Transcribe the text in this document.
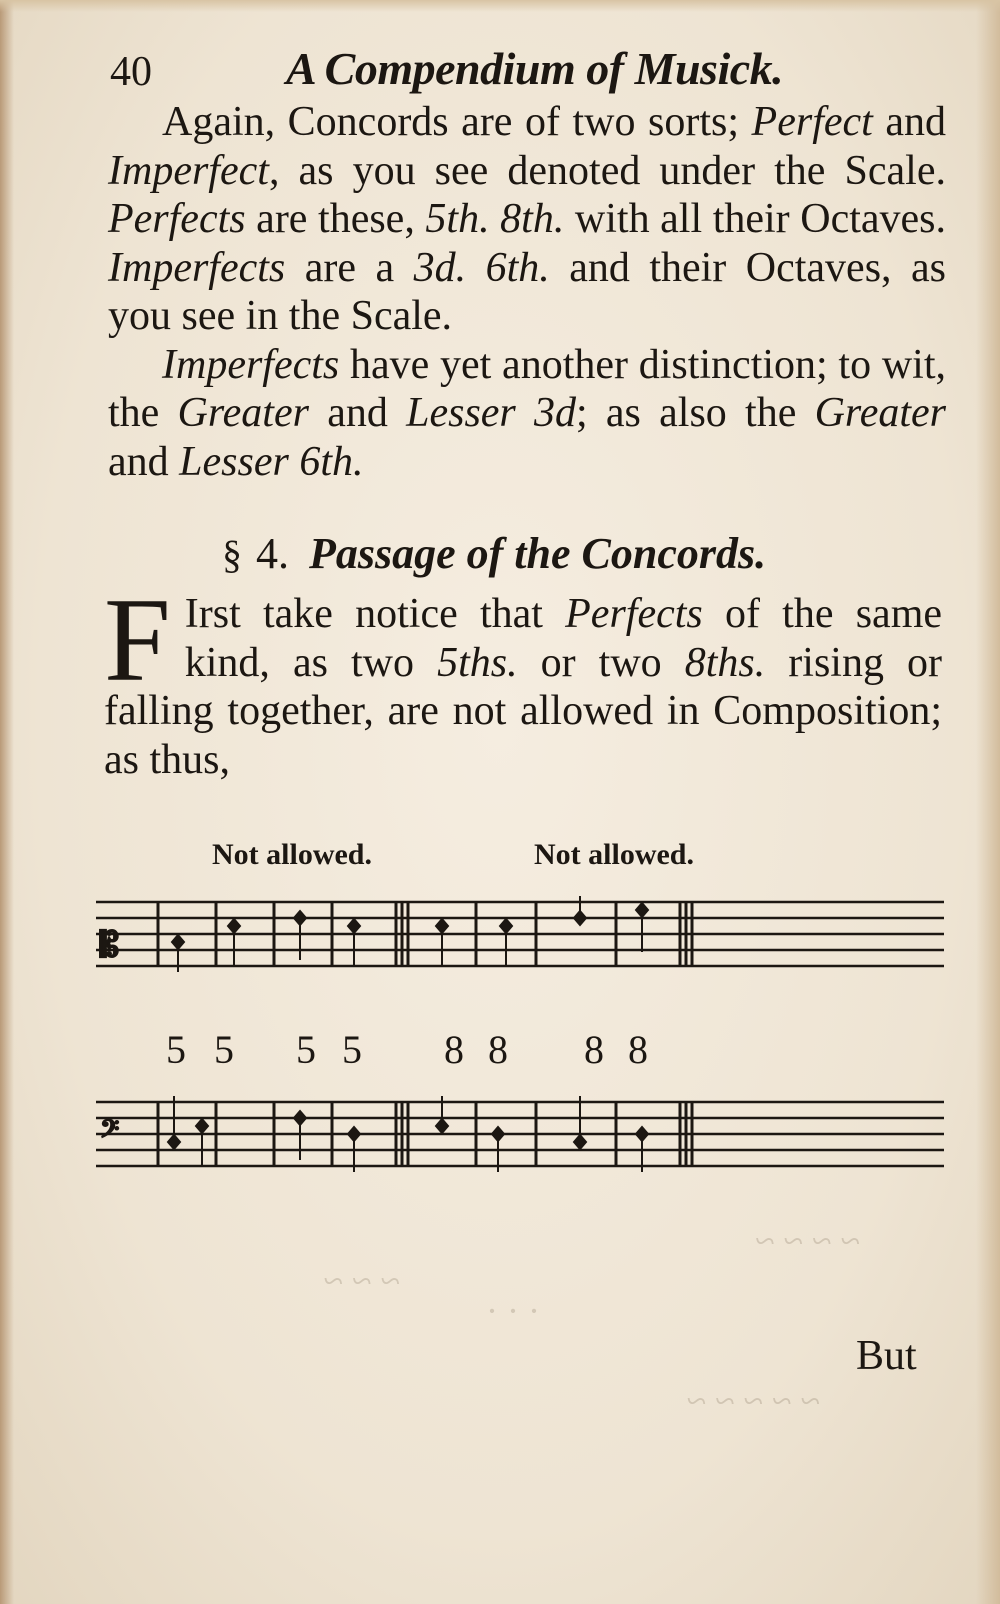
~ ~ ~ ~
· · ·
~ ~ ~
~ ~ ~ ~ ~
40	A Compendium of Musick.

Again, Concords are of two sorts; Perfect and Imperfect, as you see denoted under the Scale. Perfects are these, 5th. 8th. with all their Octaves. Imperfects are a 3d. 6th. and their Octaves, as you see in the Scale.

Imperfects have yet another distinction; to wit, the Greater and Lesser 3d; as also the Greater and Lesser 6th.

§ 4. Passage of the Concords.

F Irst take notice that Perfects of the same kind, as two 5ths. or two 8ths. rising or falling together, are not allowed in Composition; as thus,

Not allowed.	Not allowed.
𝄡
5 5 5 5 8 8 8 8
𝄢
But
